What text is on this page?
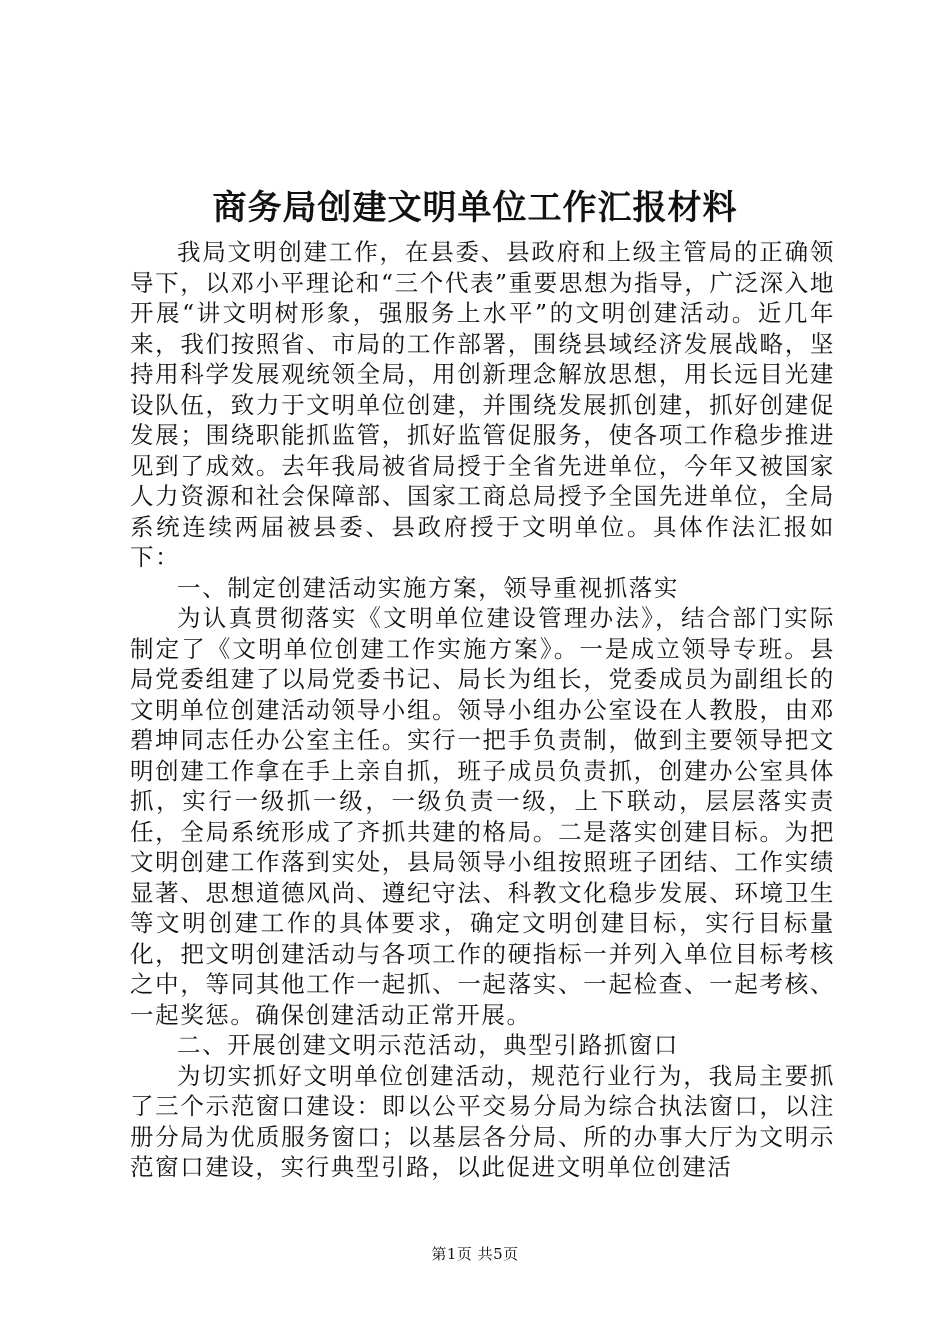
商务局创建文明单位工作汇报材料

我局文明创建工作，在县委、县政府和上级主管局的正确领导下，以邓小平理论和“三个代表”重要思想为指导，广泛深入地开展“讲文明树形象，强服务上水平”的文明创建活动。近几年来，我们按照省、市局的工作部署，围绕县域经济发展战略，坚持用科学发展观统领全局，用创新理念解放思想，用长远目光建设队伍，致力于文明单位创建，并围绕发展抓创建，抓好创建促发展；围绕职能抓监管，抓好监管促服务，使各项工作稳步推进见到了成效。去年我局被省局授于全省先进单位，今年又被国家人力资源和社会保障部、国家工商总局授予全国先进单位，全局系统连续两届被县委、县政府授于文明单位。具体作法汇报如下：

一、制定创建活动实施方案，领导重视抓落实

为认真贯彻落实《文明单位建设管理办法》，结合部门实际制定了《文明单位创建工作实施方案》。一是成立领导专班。县局党委组建了以局党委书记、局长为组长，党委成员为副组长的文明单位创建活动领导小组。领导小组办公室设在人教股，由邓碧坤同志任办公室主任。实行一把手负责制，做到主要领导把文明创建工作拿在手上亲自抓，班子成员负责抓，创建办公室具体抓，实行一级抓一级，一级负责一级，上下联动，层层落实责任，全局系统形成了齐抓共建的格局。二是落实创建目标。为把文明创建工作落到实处，县局领导小组按照班子团结、工作实绩显著、思想道德风尚、遵纪守法、科教文化稳步发展、环境卫生等文明创建工作的具体要求，确定文明创建目标，实行目标量化，把文明创建活动与各项工作的硬指标一并列入单位目标考核之中，等同其他工作一起抓、一起落实、一起检查、一起考核、一起奖惩。确保创建活动正常开展。

二、开展创建文明示范活动，典型引路抓窗口

为切实抓好文明单位创建活动，规范行业行为，我局主要抓了三个示范窗口建设：即以公平交易分局为综合执法窗口，以注册分局为优质服务窗口；以基层各分局、所的办事大厅为文明示范窗口建设，实行典型引路，以此促进文明单位创建活

第1页 共5页
